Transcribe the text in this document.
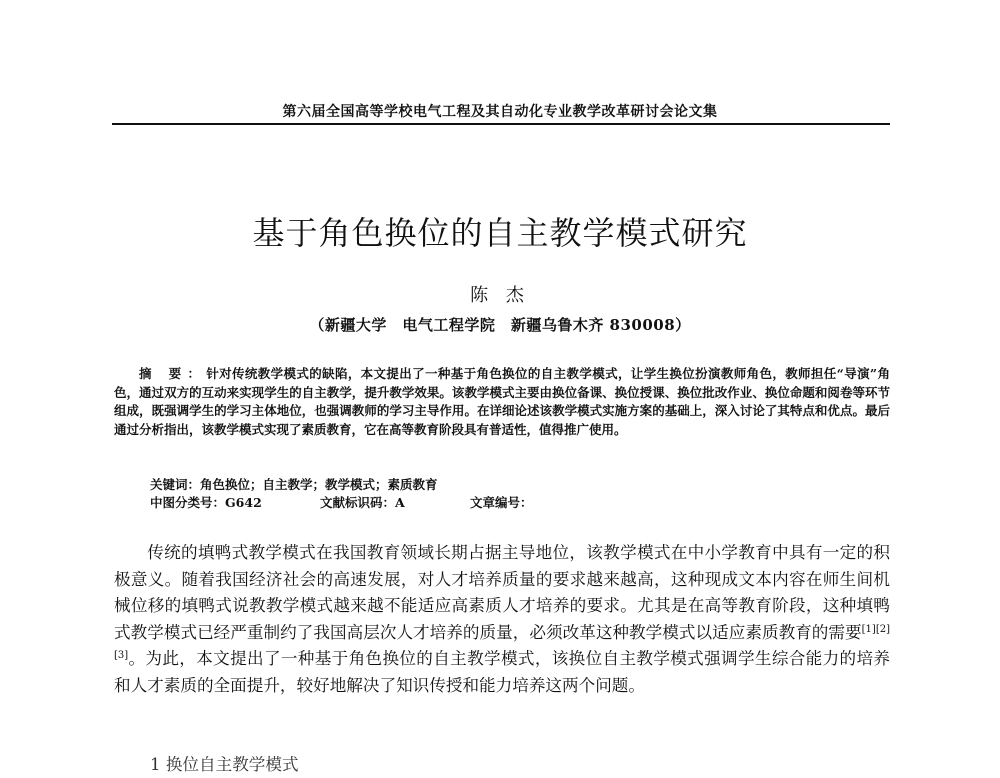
第六届全国高等学校电气工程及其自动化专业教学改革研讨会论文集
基于角色换位的自主教学模式研究
陈 杰
（新疆大学　电气工程学院　新疆乌鲁木齐 830008）

摘 要：针对传统教学模式的缺陷，本文提出了一种基于角色换位的自主教学模式，让学生换位扮演教师角色，教师担任“导演”角色，通过双方的互动来实现学生的自主教学，提升教学效果。该教学模式主要由换位备课、换位授课、换位批改作业、换位命题和阅卷等环节组成，既强调学生的学习主体地位，也强调教师的学习主导作用。在详细论述该教学模式实施方案的基础上，深入讨论了其特点和优点。最后通过分析指出，该教学模式实现了素质教育，它在高等教育阶段具有普适性，值得推广使用。

关键词：角色换位；自主教学；教学模式；素质教育
中图分类号：G642	文献标识码：A	文章编号：

传统的填鸭式教学模式在我国教育领域长期占据主导地位，该教学模式在中小学教育中具有一定的积极意义。随着我国经济社会的高速发展，对人才培养质量的要求越来越高，这种现成文本内容在师生间机械位移的填鸭式说教教学模式越来越不能适应高素质人才培养的要求。尤其是在高等教育阶段，这种填鸭式教学模式已经严重制约了我国高层次人才培养的质量，必须改革这种教学模式以适应素质教育的需要[1][2][3]。为此，本文提出了一种基于角色换位的自主教学模式，该换位自主教学模式强调学生综合能力的培养和人才素质的全面提升，较好地解决了知识传授和能力培养这两个问题。

1 换位自主教学模式
